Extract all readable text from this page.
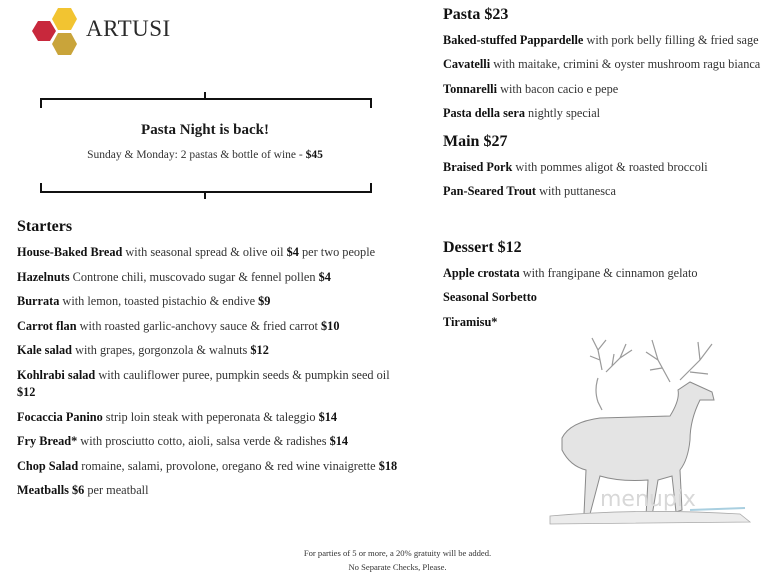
ARTUSI
Pasta Night is back!
Sunday & Monday: 2 pastas & bottle of wine - $45
Starters
House-Baked Bread with seasonal spread & olive oil $4 per two people
Hazelnuts Controne chili, muscovado sugar & fennel pollen $4
Burrata with lemon, toasted pistachio & endive $9
Carrot flan with roasted garlic-anchovy sauce & fried carrot $10
Kale salad with grapes, gorgonzola & walnuts $12
Kohlrabi salad with cauliflower puree, pumpkin seeds & pumpkin seed oil $12
Focaccia Panino strip loin steak with peperonata & taleggio $14
Fry Bread* with prosciutto cotto, aioli, salsa verde & radishes $14
Chop Salad romaine, salami, provolone, oregano & red wine vinaigrette $18
Meatballs $6 per meatball
Pasta $23
Baked-stuffed Pappardelle with pork belly filling & fried sage
Cavatelli with maitake, crimini & oyster mushroom ragu bianca
Tonnarelli with bacon cacio e pepe
Pasta della sera nightly special
Main $27
Braised Pork with pommes aligot & roasted broccoli
Pan-Seared Trout with puttanesca
Dessert $12
Apple crostata with frangipane & cinnamon gelato
Seasonal Sorbetto
Tiramisu*
menupix
For parties of 5 or more, a 20% gratuity will be added.
No Separate Checks, Please.
